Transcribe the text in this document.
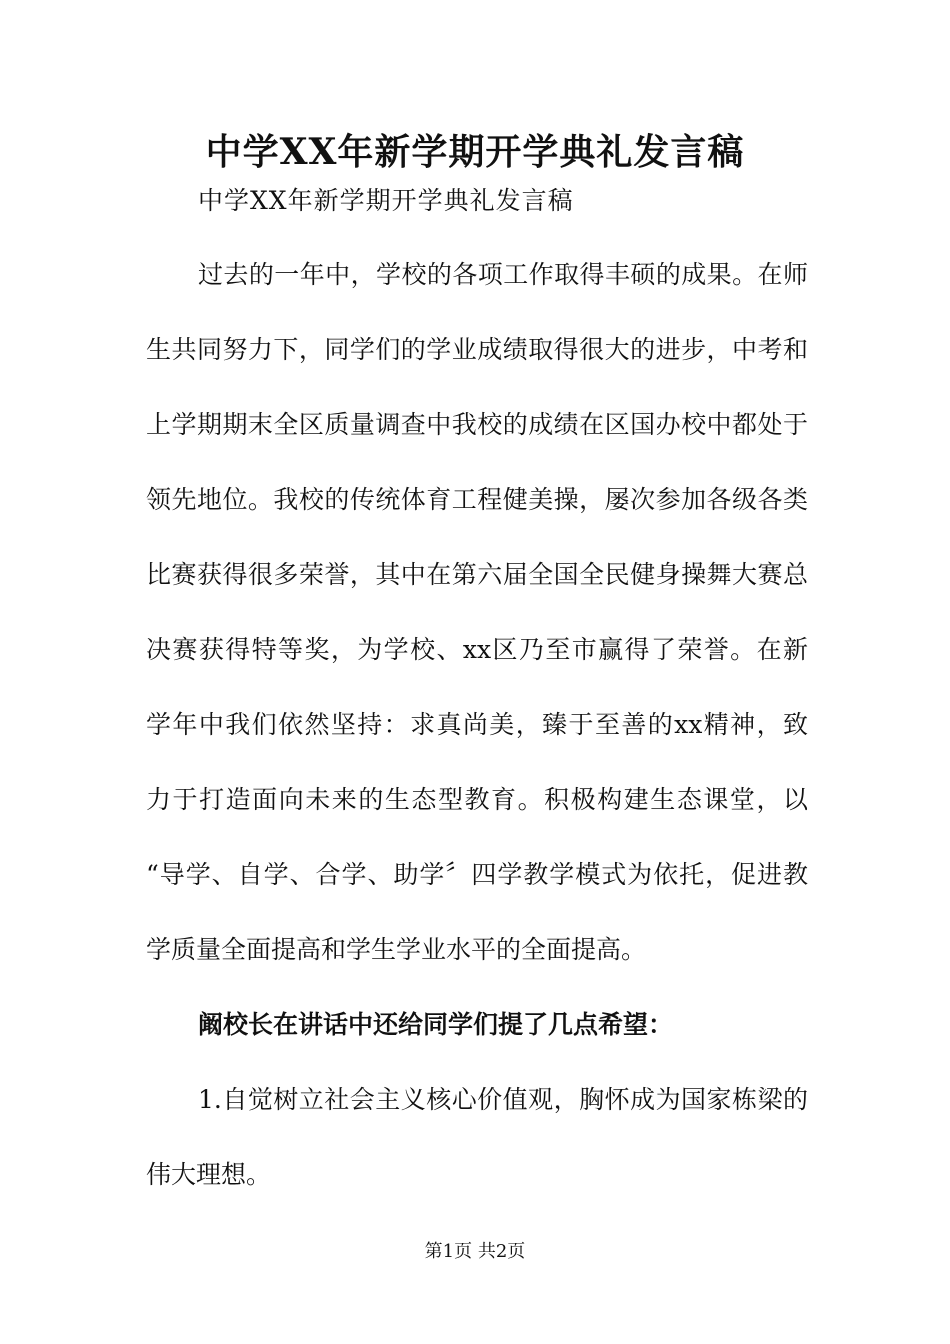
中学XX年新学期开学典礼发言稿
中学XX年新学期开学典礼发言稿
过去的一年中，学校的各项工作取得丰硕的成果。在师
生共同努力下，同学们的学业成绩取得很大的进步，中考和
上学期期末全区质量调查中我校的成绩在区国办校中都处于
领先地位。我校的传统体育工程健美操，屡次参加各级各类
比赛获得很多荣誉，其中在第六届全国全民健身操舞大赛总
决赛获得特等奖，为学校、xx区乃至市赢得了荣誉。在新
学年中我们依然坚持：求真尚美，臻于至善的xx精神，致
力于打造面向未来的生态型教育。积极构建生态课堂，以
“导学、自学、合学、助学〞四学教学模式为依托，促进教
学质量全面提高和学生学业水平的全面提高。
阚校长在讲话中还给同学们提了几点希望：
1.自觉树立社会主义核心价值观，胸怀成为国家栋梁的
伟大理想。
第1页 共2页
